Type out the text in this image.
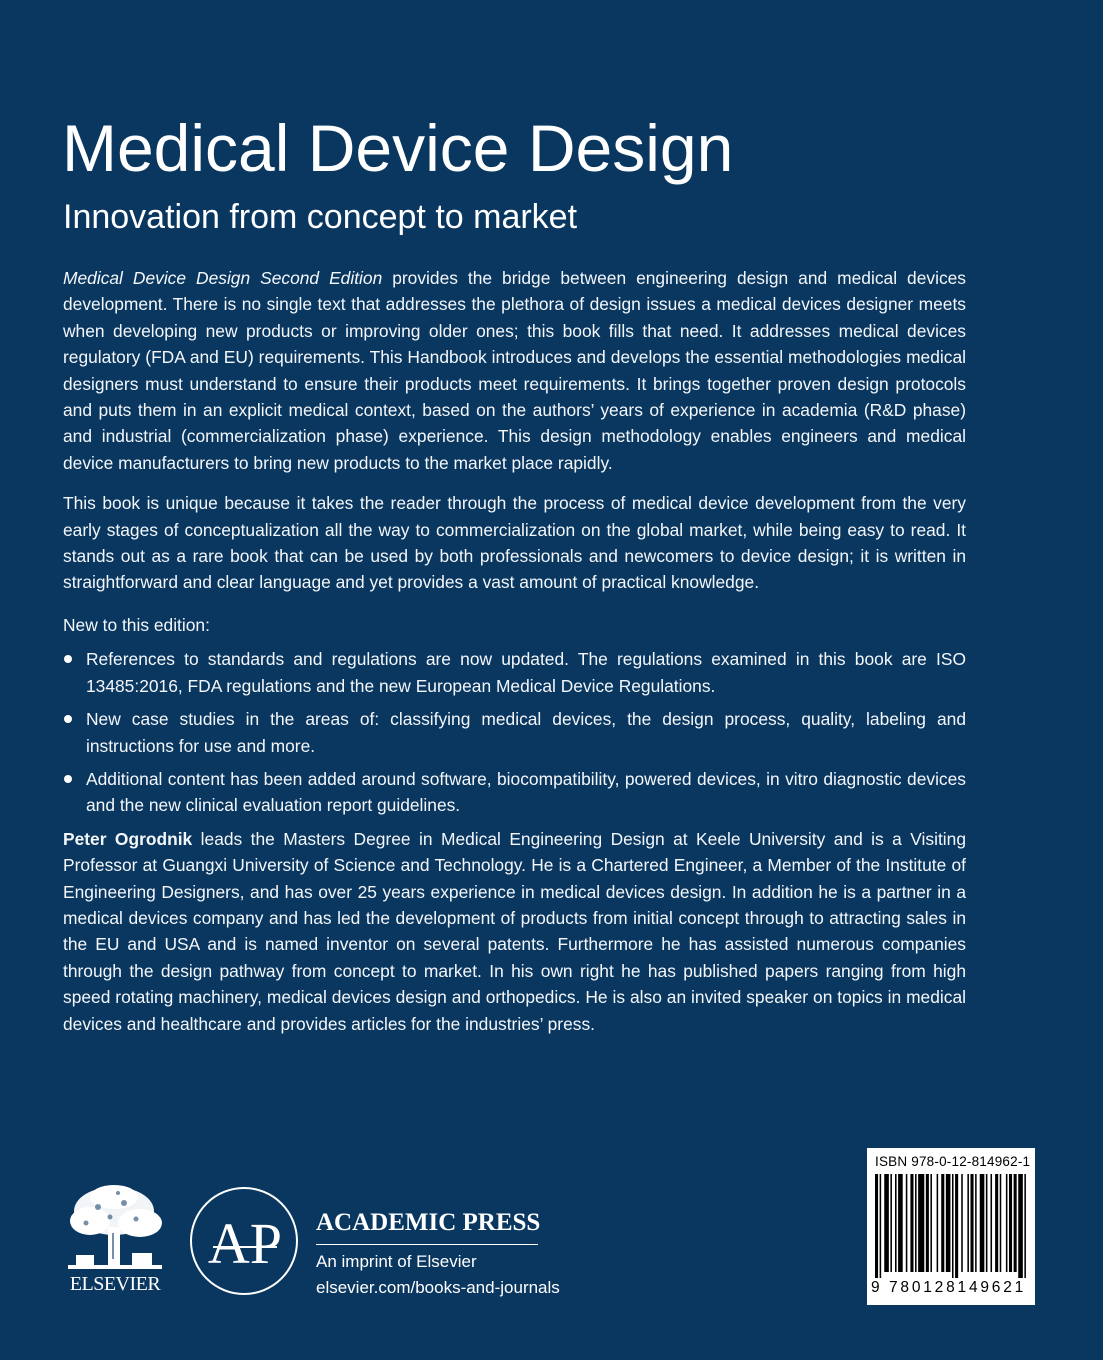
Medical Device Design
Innovation from concept to market

Medical Device Design Second Edition provides the bridge between engineering design and medical devices development. There is no single text that addresses the plethora of design issues a medical devices designer meets when developing new products or improving older ones; this book fills that need. It addresses medical devices regulatory (FDA and EU) requirements. This Handbook introduces and develops the essential methodologies medical designers must understand to ensure their products meet requirements. It brings together proven design protocols and puts them in an explicit medical context, based on the authors’ years of experience in academia (R&D phase) and industrial (commercialization phase) experience. This design methodology enables engineers and medical device manufacturers to bring new products to the market place rapidly.

This book is unique because it takes the reader through the process of medical device development from the very early stages of conceptualization all the way to commercialization on the global market, while being easy to read. It stands out as a rare book that can be used by both professionals and newcomers to device design; it is written in straightforward and clear language and yet provides a vast amount of practical knowledge.

New to this edition:
References to standards and regulations are now updated. The regulations examined in this book are ISO 13485:2016, FDA regulations and the new European Medical Device Regulations.
New case studies in the areas of: classifying medical devices, the design process, quality, labeling and instructions for use and more.
Additional content has been added around software, biocompatibility, powered devices, in vitro diagnostic devices and the new clinical evaluation report guidelines.

Peter Ogrodnik leads the Masters Degree in Medical Engineering Design at Keele University and is a Visiting Professor at Guangxi University of Science and Technology. He is a Chartered Engineer, a Member of the Institute of Engineering Designers, and has over 25 years experience in medical devices design. In addition he is a partner in a medical devices company and has led the development of products from initial concept through to attracting sales in the EU and USA and is named inventor on several patents. Furthermore he has assisted numerous companies through the design pathway from concept to market. In his own right he has published papers ranging from high speed rotating machinery, medical devices design and orthopedics. He is also an invited speaker on topics in medical devices and healthcare and provides articles for the industries’ press.

ELSEVIER
AP ACADEMIC PRESS
An imprint of Elsevier
elsevier.com/books-and-journals
ISBN 978-0-12-814962-1
9 780128149621
